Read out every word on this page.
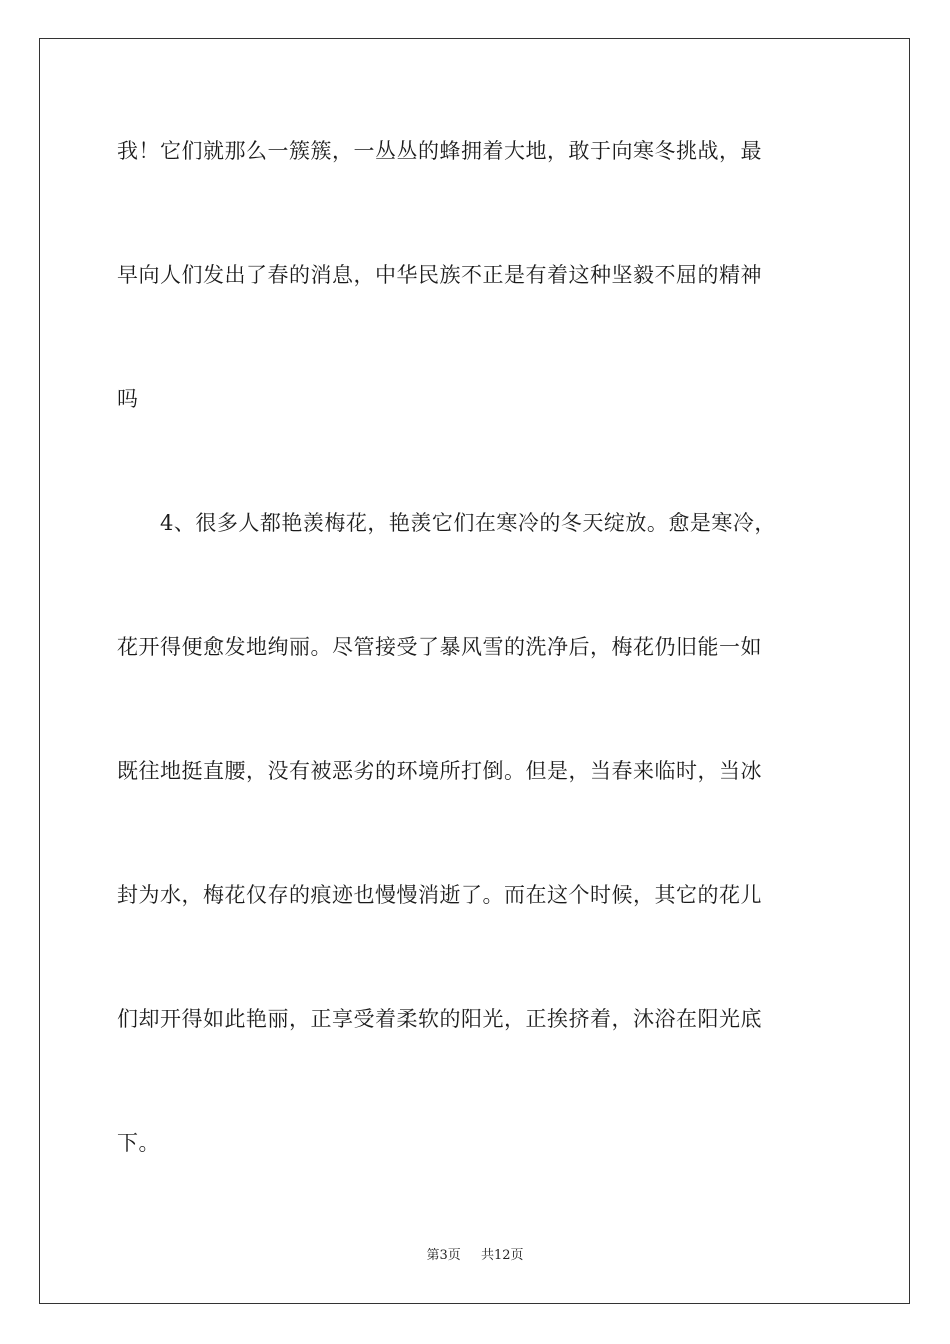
我！它们就那么一簇簇，一丛丛的蜂拥着大地，敢于向寒冬挑战，最
早向人们发出了春的消息，中华民族不正是有着这种坚毅不屈的精神
吗
　　4、很多人都艳羡梅花，艳羡它们在寒冷的冬天绽放。愈是寒冷，
花开得便愈发地绚丽。尽管接受了暴风雪的洗净后，梅花仍旧能一如
既往地挺直腰，没有被恶劣的环境所打倒。但是，当春来临时，当冰
封为水，梅花仅存的痕迹也慢慢消逝了。而在这个时候，其它的花儿
们却开得如此艳丽，正享受着柔软的阳光，正挨挤着，沐浴在阳光底
下。
第3页 共12页
